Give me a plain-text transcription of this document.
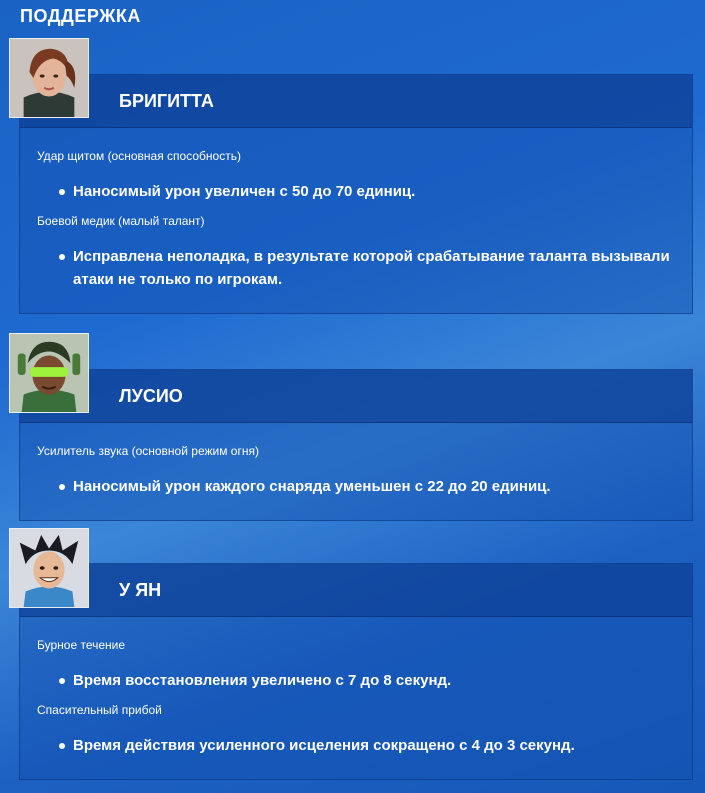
ПОДДЕРЖКА
БРИГИТТА
Удар щитом (основная способность)
Наносимый урон увеличен с 50 до 70 единиц.
Боевой медик (малый талант)
Исправлена неполадка, в результате которой срабатывание таланта вызывали атаки не только по игрокам.
ЛУСИО
Усилитель звука (основной режим огня)
Наносимый урон каждого снаряда уменьшен с 22 до 20 единиц.
У ЯН
Бурное течение
Время восстановления увеличено с 7 до 8 секунд.
Спасительный прибой
Время действия усиленного исцеления сокращено с 4 до 3 секунд.
